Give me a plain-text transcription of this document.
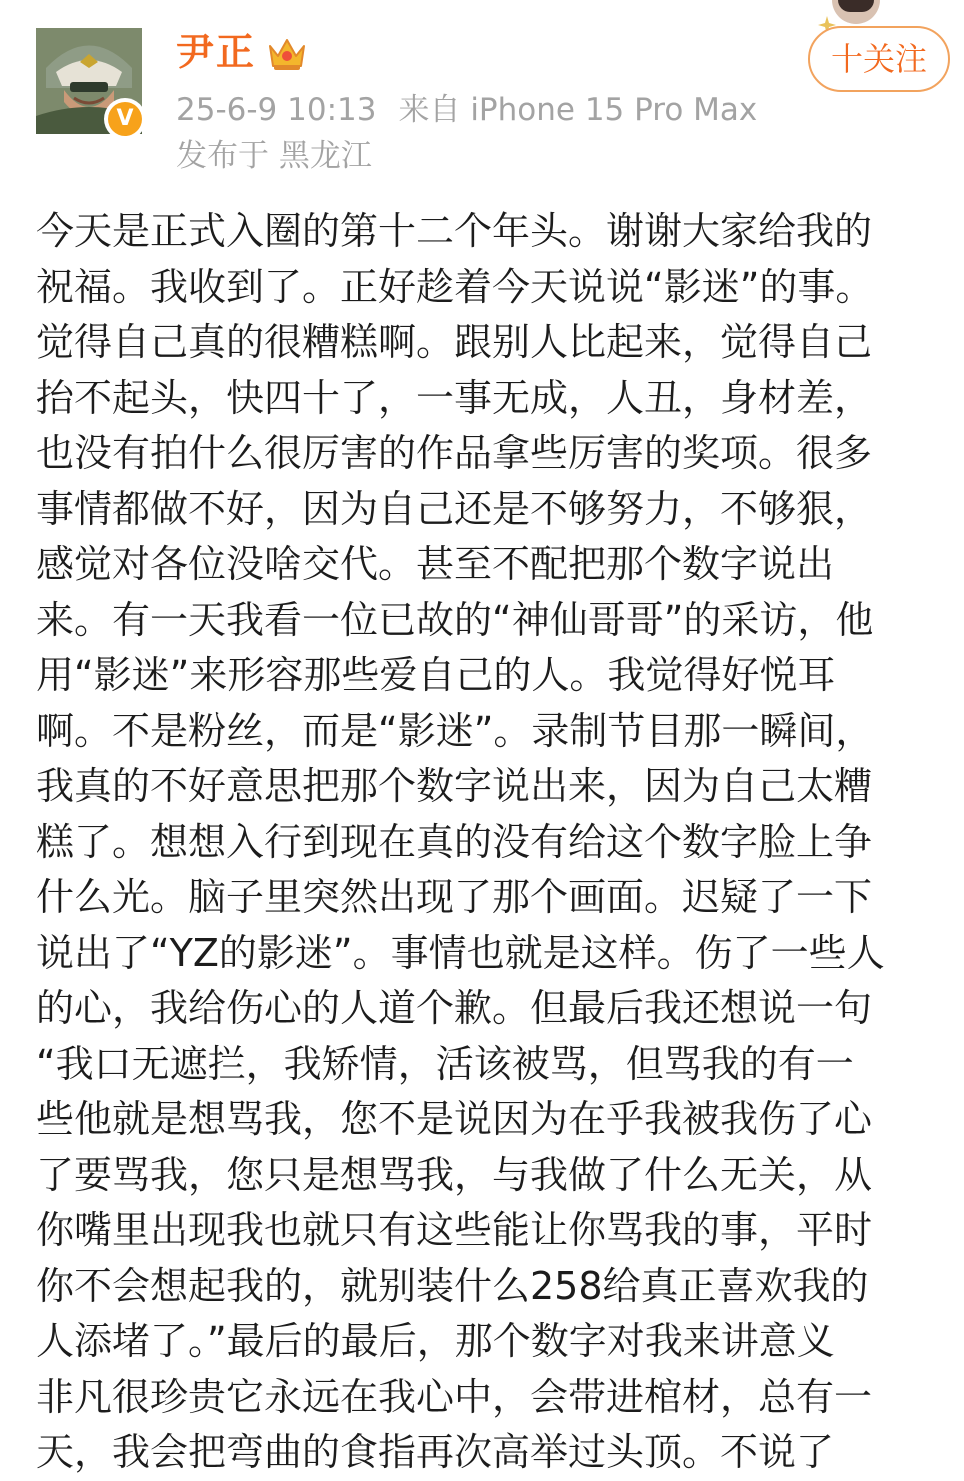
V
尹正
25-6-9 10:13 来自 iPhone 15 Pro Max
发布于 黑龙江
十关注
今天是正式入圈的第十二个年头。谢谢大家给我的
祝福。我收到了。正好趁着今天说说“影迷”的事。
觉得自己真的很糟糕啊。跟别人比起来，觉得自己
抬不起头，快四十了，一事无成，人丑，身材差，
也没有拍什么很厉害的作品拿些厉害的奖项。很多
事情都做不好，因为自己还是不够努力，不够狠，
感觉对各位没啥交代。甚至不配把那个数字说出
来。有一天我看一位已故的“神仙哥哥”的采访，他
用“影迷”来形容那些爱自己的人。我觉得好悦耳
啊。不是粉丝，而是“影迷”。录制节目那一瞬间，
我真的不好意思把那个数字说出来，因为自己太糟
糕了。想想入行到现在真的没有给这个数字脸上争
什么光。脑子里突然出现了那个画面。迟疑了一下
说出了“YZ的影迷”。事情也就是这样。伤了一些人
的心，我给伤心的人道个歉。但最后我还想说一句
“我口无遮拦，我矫情，活该被骂，但骂我的有一
些他就是想骂我，您不是说因为在乎我被我伤了心
了要骂我，您只是想骂我，与我做了什么无关，从
你嘴里出现我也就只有这些能让你骂我的事，平时
你不会想起我的，就别装什么258给真正喜欢我的
人添堵了。”最后的最后，那个数字对我来讲意义
非凡很珍贵它永远在我心中，会带进棺材，总有一
天，我会把弯曲的食指再次高举过头顶。不说了
